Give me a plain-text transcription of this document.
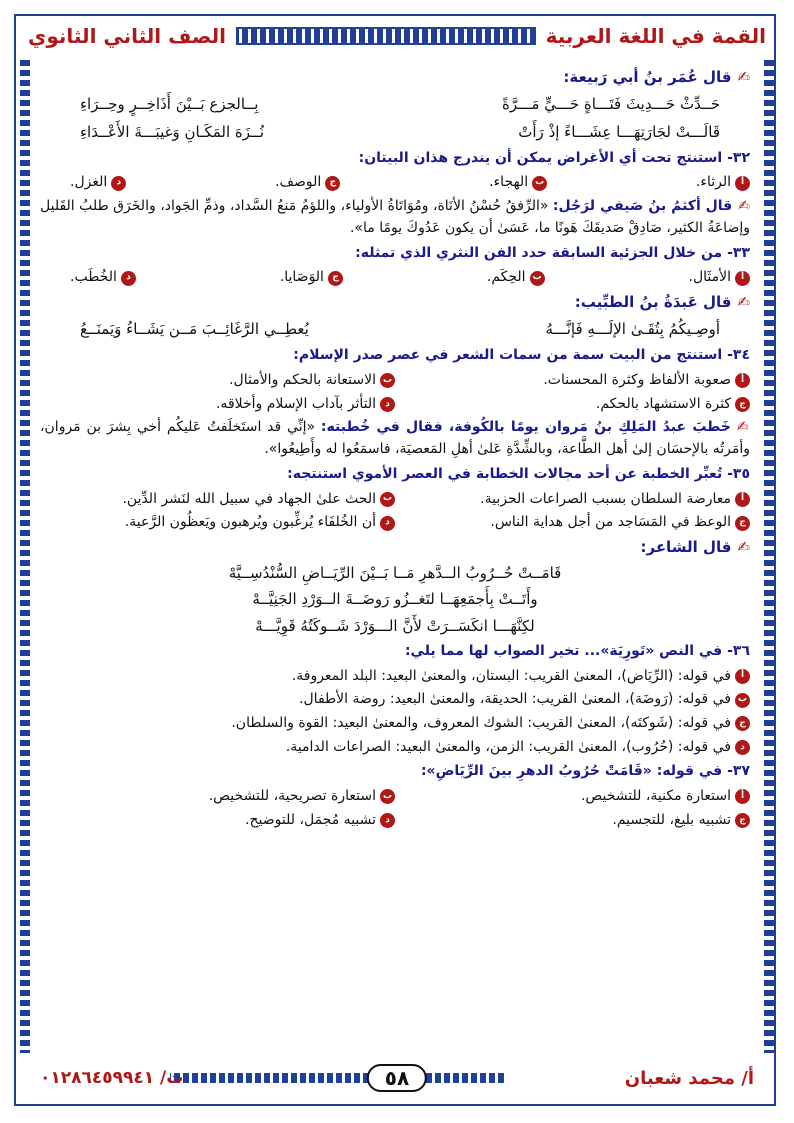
القمة في اللغة العربية
الصف الثاني الثانوي
✍قال عُمَر بنُ أبي رَبيعة:
حَــدِّثْ حَـــدِيثَ فَتَـــاةٍ حَـــيٍّ مَـــرَّةً
بِــالجزع بَــيْنَ أَذَاخِــرٍ وحِــرَاءِ
قَالَـــتْ لجَارَتِهَـــا عِشَـــاءً إذْ رَأَتْ
نُــزَهَ المَكَـانِ وَغيبَـــةَ الأَعْــدَاءِ
٣٢- استنتج تحت أي الأغراض يمكن أن يندرج هذان البيتان:
أ
الرثاء.
ب
الهجاء.
ج
الوصف.
د
الغزل.
✍قال أكثمُ بنُ صَيفي لرَجُل: «الرِّفقُ حُسْنُ الأنَاة، ومُوَاتَاةُ الأولياء، واللؤمُ مَنعُ السَّداد، وذمِّ الجَواد، والخَرَق طلبُ القَليل وإضاعَةُ الكثير، صَادِقْ صَديقَكَ هَونًا ما، عَسَىٰ أن يكون عَدُوكَ يومًا ما».
٣٣- من خلال الجزئية السابقة حدد الفن النثري الذي تمثله:
أ
الأمثَال.
ب
الحِكَم.
ج
الوَصَايا.
د
الخُطَب.
✍قال عَبدَةُ بنُ الطبِّيب:
أوصِـيكُمُ بِتُقَـىٰ الإلَـــهِ فَإنَّـــهُ
يُعطِــي الرَّغَائِــبَ مَــن يَشَــاءُ وَيَمنَــعُ
٣٤- استنتج من البيت سمة من سمات الشعر في عصر صدر الإسلام:
أ
صعوبة الألفاظ وكثرة المحسنات.
ب
الاستعانة بالحكم والأمثال.
ج
كثرة الاستشهاد بالحكم.
د
التأثر بآداب الإسلام وأخلاقه.
✍خَطبَ عبدُ المَلِكِ بنُ مَروان يومًا بالكُوفة، فقال في خُطبته: «إنِّي قد استَخلَفتُ عَليكُم أخي بِشرَ بن مَروان، وأمَرتُه بالإحسَان إلىٰ أهل الطَّاعة، وبالشِّدَّةِ عَلىٰ أهلِ المَعصيَة، فاسمَعُوا له وأَطِيعُوا».
٣٥- تُعبِّر الخطبة عن أحد مجالات الخطابة في العصر الأموي استنتجه:
أ
معارضة السلطان بسبب الصراعات الحزبية.
ب
الحث علىٰ الجهاد في سبيل الله لنَشر الدِّين.
ج
الوعظ في المَسَاجد من أجل هداية الناس.
د
أن الخُلفَاء يُرغِّبون ويُرهبون ويَعظُون الرَّعية.
✍قال الشاعر:
قَامَــتْ حُــرُوبُ الــدَّهرِ مَــا بَــيْنَ الرِّيَــاضِ السُّنْدُسِــيَّهْ
وأَتَــتْ بِأَجمَعِهَــا لتَغــزُو رَوضَــةَ الــوَرْدِ الجَنِيَّــهْ
لكِنَّهَـــا انكَسَــرَتْ لأَنَّ الـــوَرْدَ شَــوكَتُهُ قَوِيَّـــهْ
٣٦- في النص «تَورِيَة»... تخير الصواب لها مما يلي:
أ
في قوله: (الرِّيَاض)، المعنىٰ القريب: البستان، والمعنىٰ البعيد: البلد المعروفة.
ب
في قوله: (رَوضَة)، المعنىٰ القريب: الحديقة، والمعنىٰ البعيد: روضة الأطفال.
ج
في قوله: (شَوكتَه)، المعنىٰ القريب: الشوك المعروف، والمعنىٰ البعيد: القوة والسلطان.
د
في قوله: (حُرُوب)، المعنىٰ القريب: الزمن، والمعنىٰ البعيد: الصراعات الدامية.
٣٧- في قوله: «قَامَتْ حُرُوبُ الدهرِ بينَ الرِّيَاضِ»:
أ
استعارة مكنية، للتشخيص.
ب
استعارة تصريحية، للتشخيص.
ج
تشبيه بليغ، للتجسيم.
د
تشبيه مُجمَل، للتوضيح.
أ/ محمد شعبان
٥٨
ت/ ٠١٢٨٦٤٥٩٩٤١
